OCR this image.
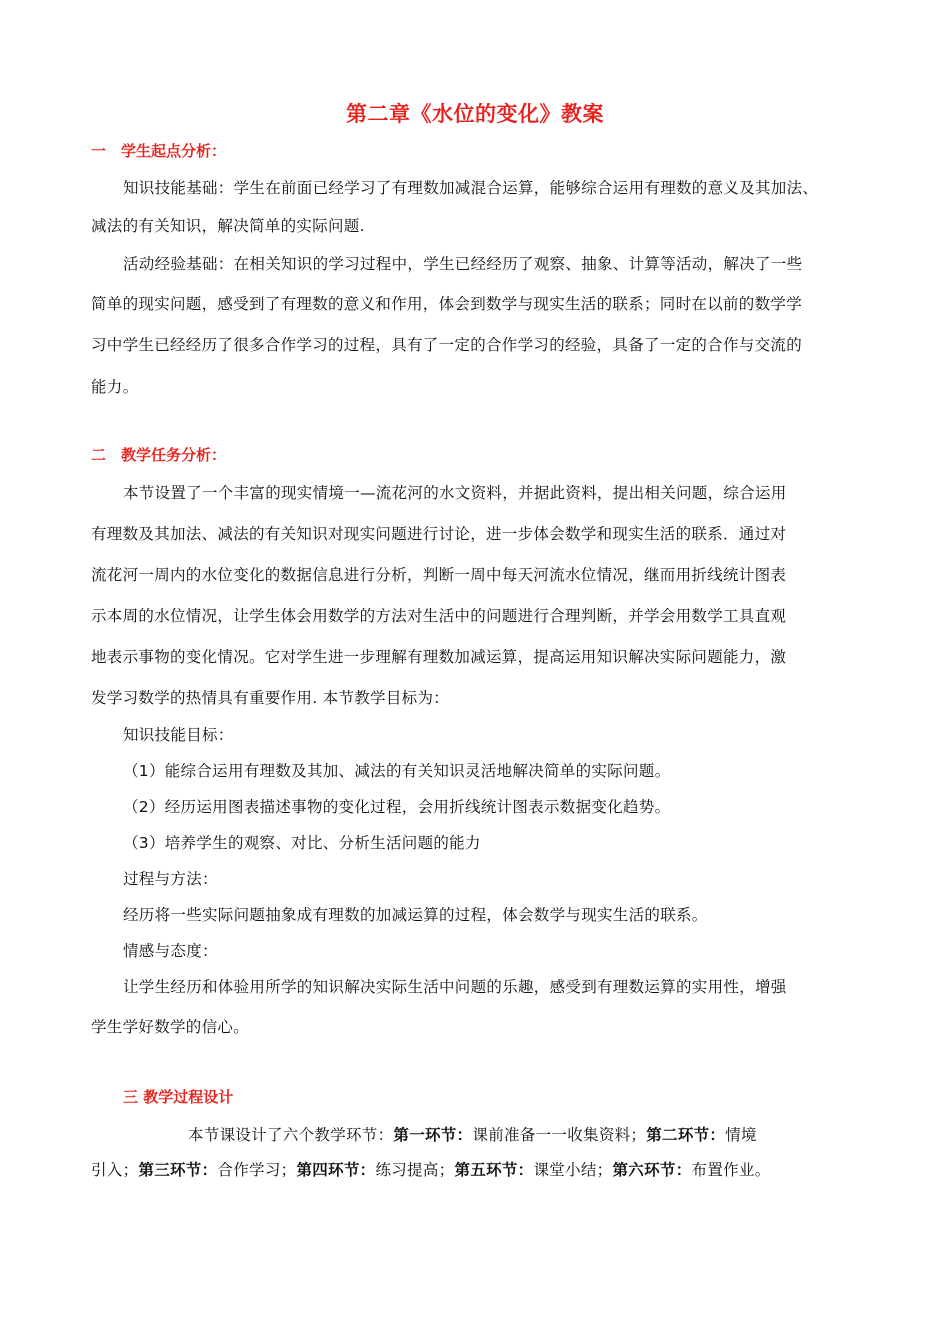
第二章《水位的变化》教案
一　学生起点分析：
知识技能基础：学生在前面已经学习了有理数加减混合运算，能够综合运用有理数的意义及其加法、
减法的有关知识，解决简单的实际问题.
活动经验基础：在相关知识的学习过程中，学生已经经历了观察、抽象、计算等活动，解决了一些
简单的现实问题，感受到了有理数的意义和作用，体会到数学与现实生活的联系；同时在以前的数学学
习中学生已经经历了很多合作学习的过程，具有了一定的合作学习的经验，具备了一定的合作与交流的
能力。
二　教学任务分析：
本节设置了一个丰富的现实情境一—流花河的水文资料，并据此资料，提出相关问题，综合运用
有理数及其加法、减法的有关知识对现实问题进行讨论，进一步体会数学和现实生活的联系．通过对
流花河一周内的水位变化的数据信息进行分析，判断一周中每天河流水位情况，继而用折线统计图表
示本周的水位情况，让学生体会用数学的方法对生活中的问题进行合理判断，并学会用数学工具直观
地表示事物的变化情况。它对学生进一步理解有理数加减运算，提高运用知识解决实际问题能力，激
发学习数学的热情具有重要作用. 本节教学目标为：
知识技能目标：
（1）能综合运用有理数及其加、减法的有关知识灵活地解决简单的实际问题。
（2）经历运用图表描述事物的变化过程，会用折线统计图表示数据变化趋势。
（3）培养学生的观察、对比、分析生活问题的能力
过程与方法：
经历将一些实际问题抽象成有理数的加减运算的过程，体会数学与现实生活的联系。
情感与态度：
让学生经历和体验用所学的知识解决实际生活中问题的乐趣，感受到有理数运算的实用性，增强
学生学好数学的信心。
三 教学过程设计
本节课设计了六个教学环节：第一环节：课前准备一一收集资料；第二环节：情境
引入；第三环节：合作学习；第四环节：练习提高；第五环节：课堂小结；第六环节：布置作业。
